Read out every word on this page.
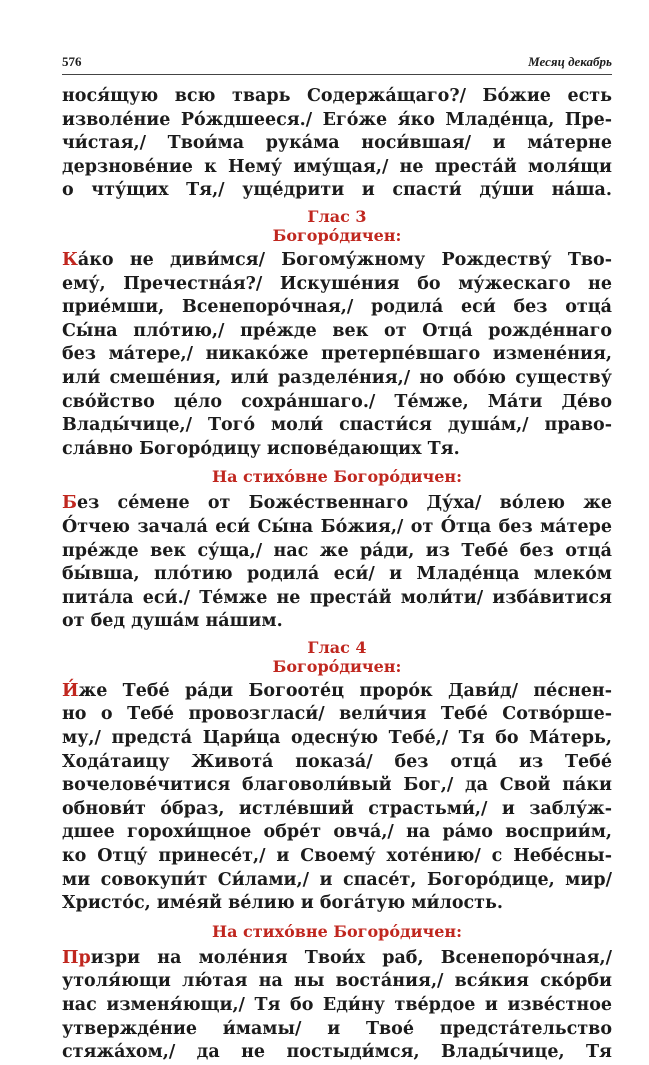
576	Месяц декабрь
нося́щую всю тварь Содержа́щаго?/ Бо́жие есть
изволе́ние Ро́ждшееся./ Его́же я́ко Младе́нца, Пре-
чи́стая,/ Твои́ма рука́ма носи́вшая/ и ма́терне
дерзнове́ние к Нему́ иму́щая,/ не преста́й моля́щи
о чту́щих Тя,/ уще́дрити и спасти́ ду́ши на́ша.

Глас 3

Богоро́дичен:

Ка́ко не диви́мся/ Богому́жному Рождеству́ Тво-
ему́, Пречестна́я?/ Искуше́ния бо му́жескаго не
прие́мши, Всенепоро́чная,/ родила́ еси́ без отца́
Сы́на пло́тию,/ пре́жде век от Отца́ рожде́ннаго
без ма́тере,/ никако́же претерпе́вшаго измене́ния,
или́ смеше́ния, или́ разделе́ния,/ но обо́ю существу́
сво́йство це́ло сохра́ншаго./ Те́мже, Ма́ти Де́во
Влады́чице,/ Того́ моли́ спасти́ся душа́м,/ право-
сла́вно Богоро́дицу испове́дающих Тя.

На стихо́вне Богоро́дичен:

Без се́мене от Боже́ственнаго Ду́ха/ во́лею же
О́тчею зачала́ еси́ Сы́на Бо́жия,/ от О́тца без ма́тере
пре́жде век су́ща,/ нас же ра́ди, из Тебе́ без отца́
бы́вша, пло́тию родила́ еси́/ и Младе́нца млеко́м
пита́ла еси́./ Те́мже не преста́й моли́ти/ изба́витися
от бед душа́м на́шим.

Глас 4

Богоро́дичен:

И́же Тебе́ ра́ди Богооте́ц проро́к Дави́д/ пе́снен-
но о Тебе́ провозгласи́/ вели́чия Тебе́ Сотво́рше-
му,/ предста́ Цари́ца одесну́ю Тебе́,/ Тя бо Ма́терь,
Хода́таицу Живота́ показа́/ без отца́ из Тебе́
вочелове́читися благоволи́вый Бог,/ да Свой па́ки
обнови́т о́браз, истле́вший страстьми́,/ и заблу́ж-
дшее горохи́щное обре́т овча́,/ на ра́мо восприи́м,
ко Отцу́ принесе́т,/ и Своему́ хоте́нию/ с Небе́сны-
ми совокупи́т Си́лами,/ и спасе́т, Богоро́дице, мир/
Христо́с, име́яй ве́лию и бога́тую ми́лость.

На стихо́вне Богоро́дичен:

Призри на моле́ния Твои́х раб, Всенепоро́чная,/
утоля́ющи лю́тая на ны воста́ния,/ вся́кия ско́рби
нас изменя́ющи,/ Тя бо Еди́ну тве́рдое и изве́стное
утвержде́ние и́мамы/ и Твое́ предста́тельство
стяжа́хом,/ да не постыди́мся, Влады́чице, Тя
